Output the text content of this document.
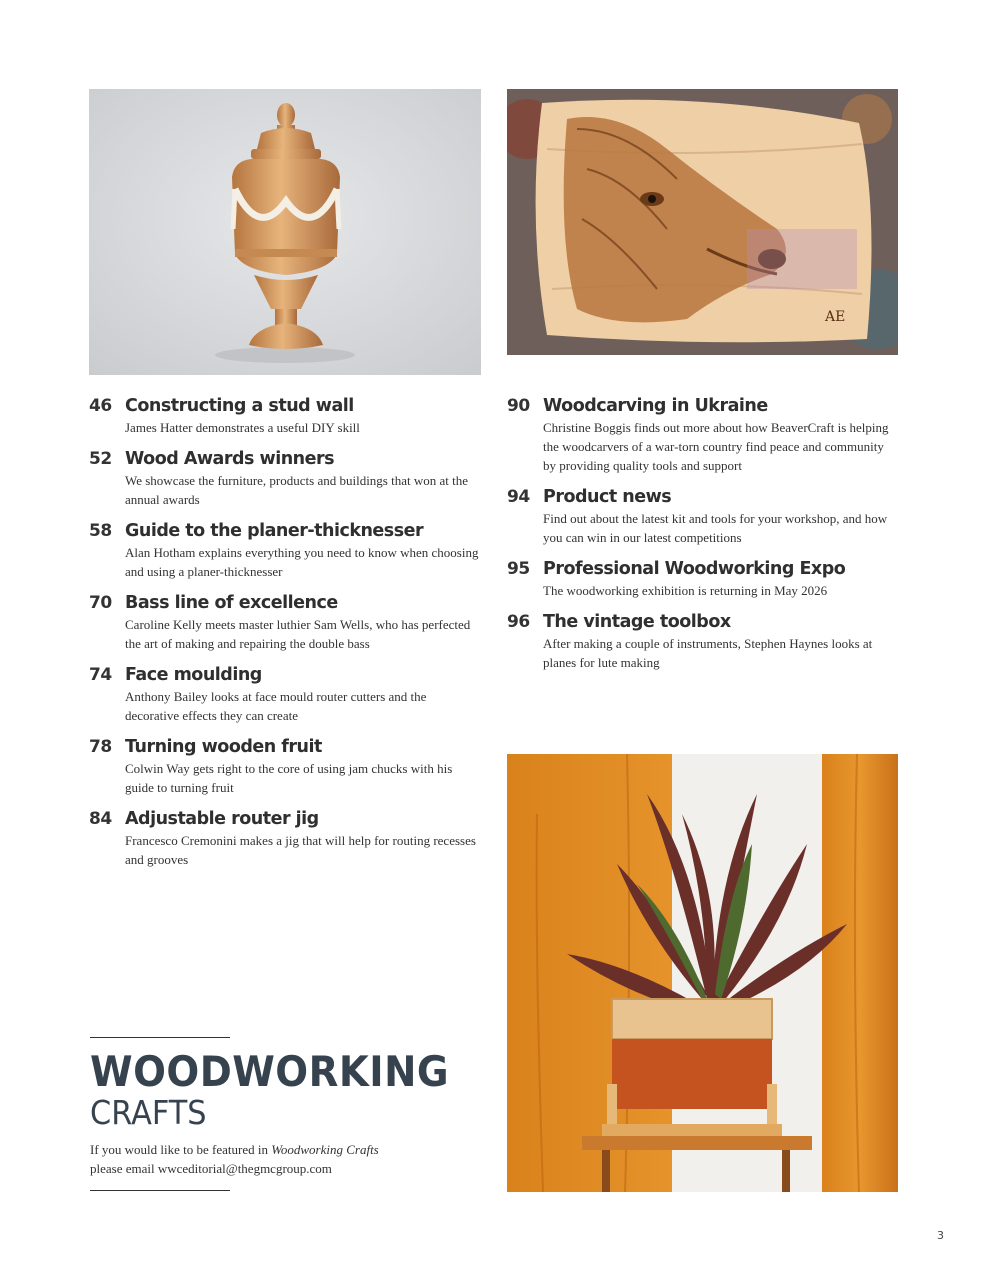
AE
46 Constructing a stud wall
James Hatter demonstrates a useful DIY skill
52 Wood Awards winners
We showcase the furniture, products and buildings that won at the annual awards
58 Guide to the planer-thicknesser
Alan Hotham explains everything you need to know when choosing and using a planer-thicknesser
70 Bass line of excellence
Caroline Kelly meets master luthier Sam Wells, who has perfected the art of making and repairing the double bass
74 Face moulding
Anthony Bailey looks at face mould router cutters and the decorative effects they can create
78 Turning wooden fruit
Colwin Way gets right to the core of using jam chucks with his guide to turning fruit
84 Adjustable router jig
Francesco Cremonini makes a jig that will help for routing recesses and grooves
90 Woodcarving in Ukraine
Christine Boggis finds out more about how BeaverCraft is helping the woodcarvers of a war-torn country find peace and community by providing quality tools and support
94 Product news
Find out about the latest kit and tools for your workshop, and how you can win in our latest competitions
95 Professional Woodworking Expo
The woodworking exhibition is returning in May 2026
96 The vintage toolbox
After making a couple of instruments, Stephen Haynes looks at planes for lute making
WOODWORKING
CRAFTS
If you would like to be featured in Woodworking Crafts
please email wwceditorial@thegmcgroup.com
3
